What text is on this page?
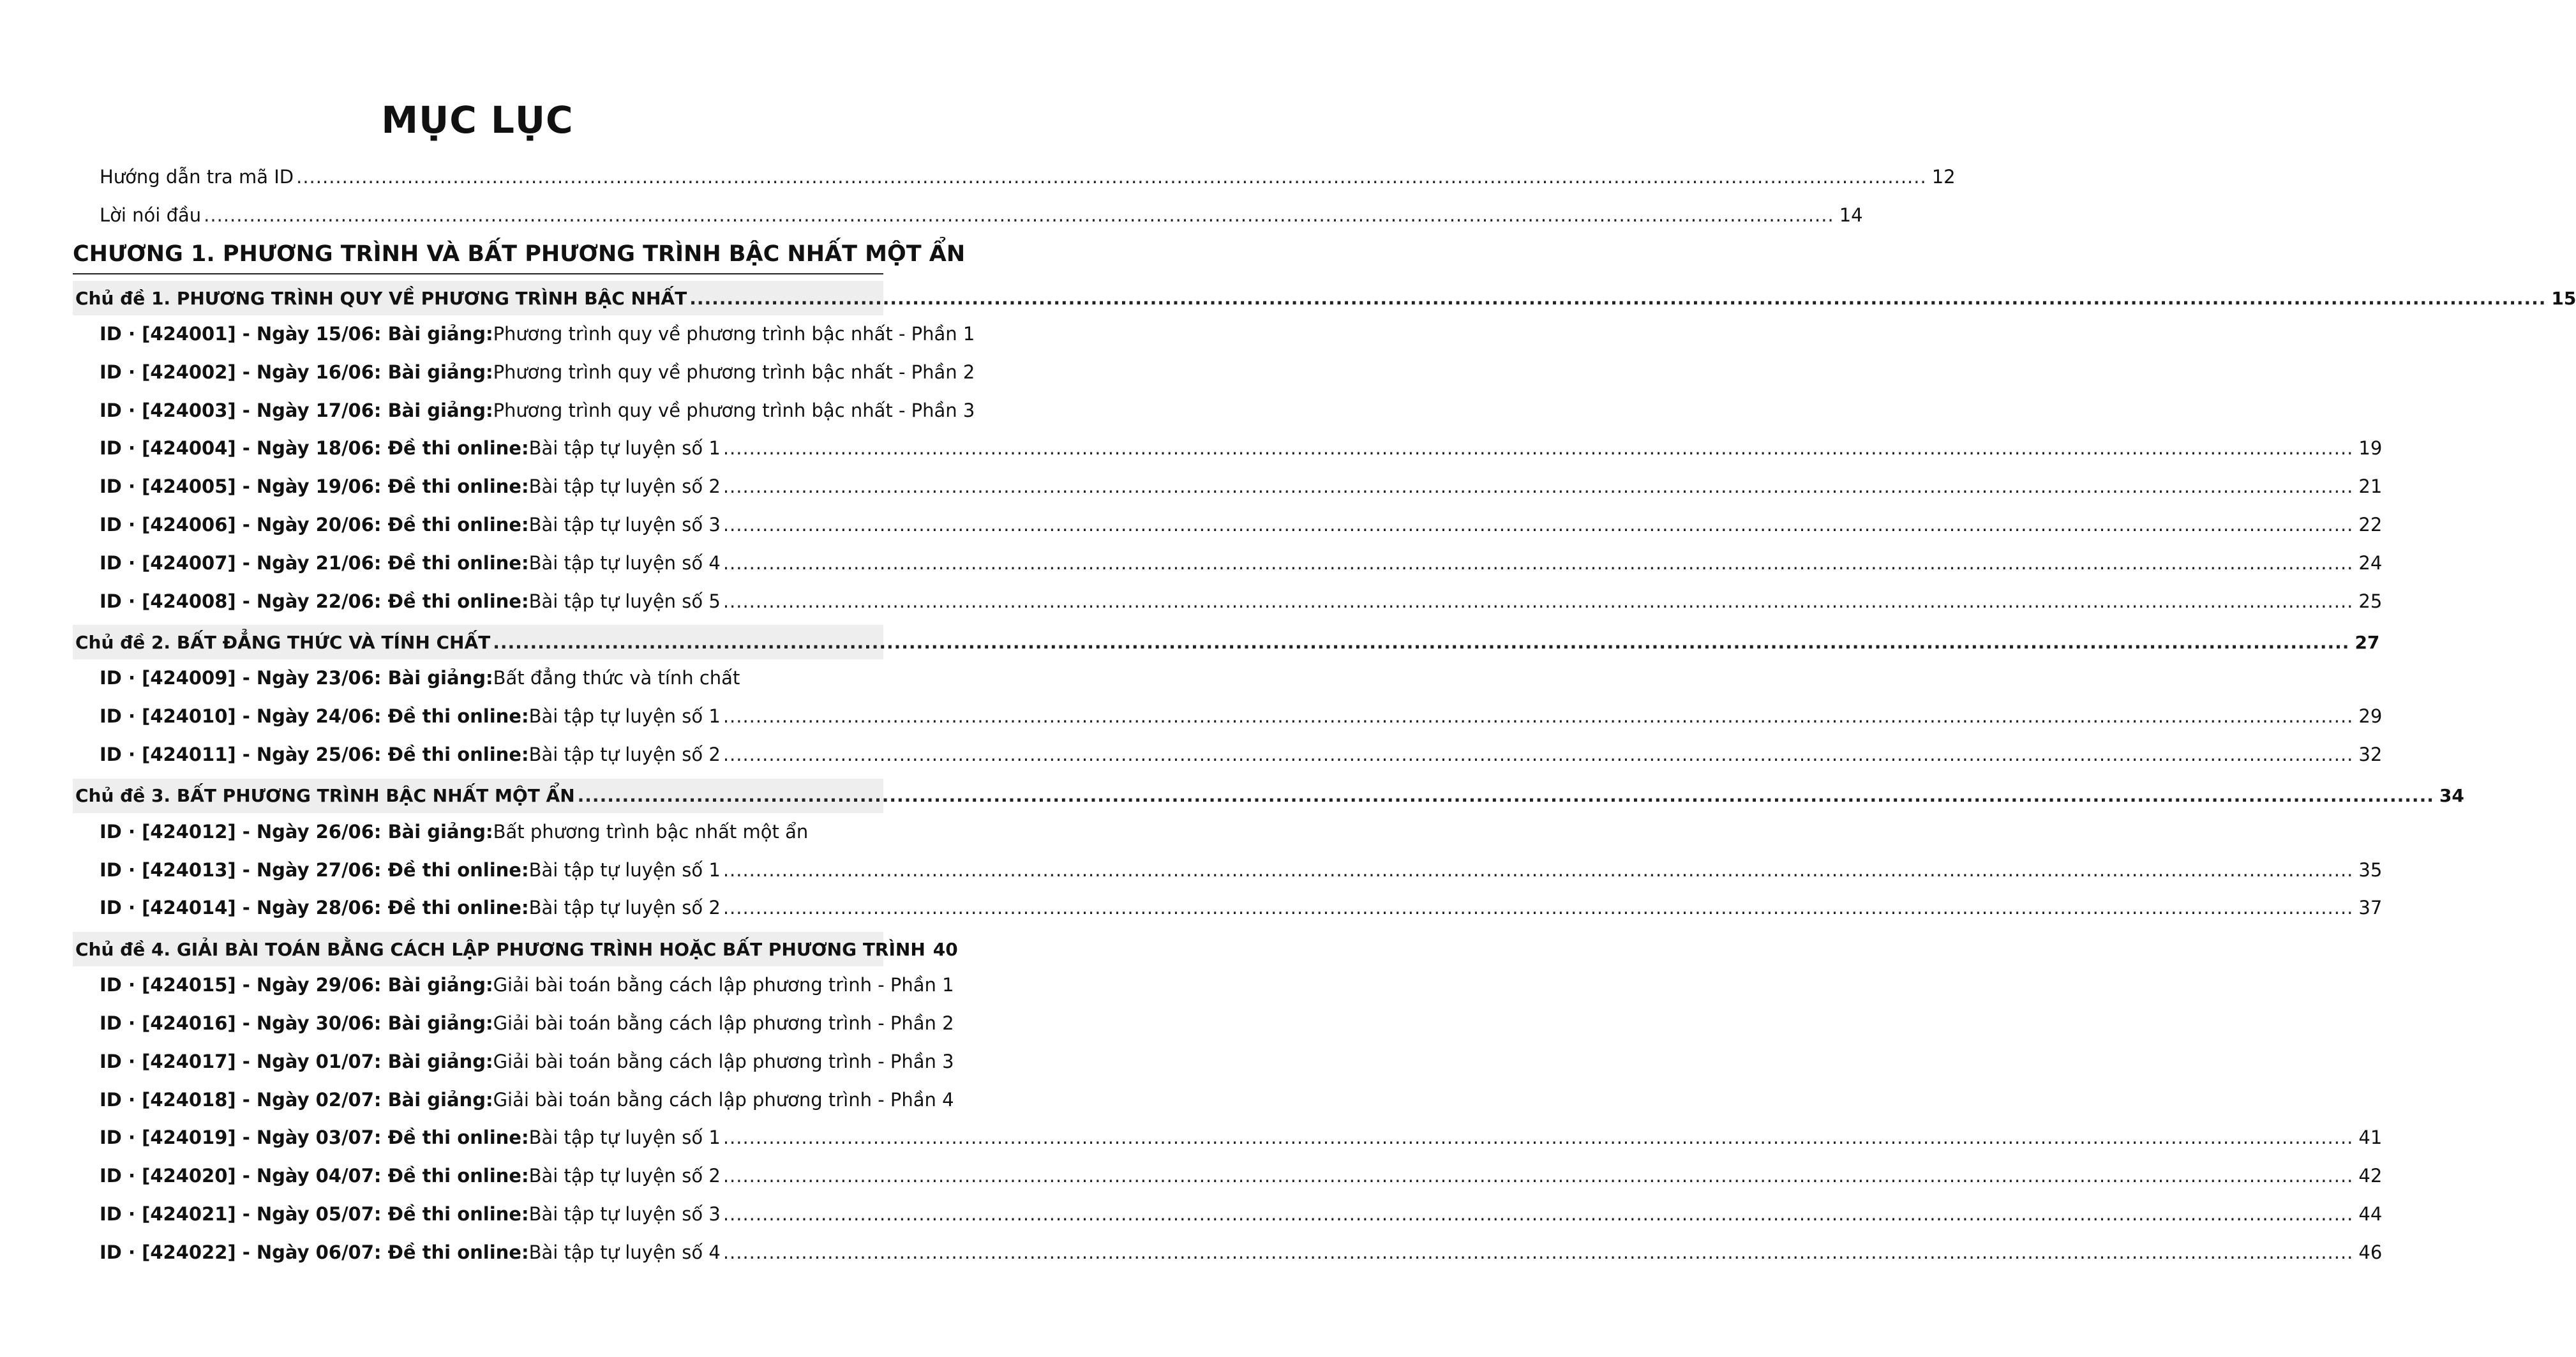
MỤC LỤC
Hướng dẫn tra mã ID .....	12
Lời nói đầu .....	14
CHƯƠNG 1. PHƯƠNG TRÌNH VÀ BẤT PHƯƠNG TRÌNH BẬC NHẤT MỘT ẨN
Chủ đề 1. PHƯƠNG TRÌNH QUY VỀ PHƯƠNG TRÌNH BẬC NHẤT .....	15
ID · [424001] - Ngày 15/06: Bài giảng: Phương trình quy về phương trình bậc nhất - Phần 1
ID · [424002] - Ngày 16/06: Bài giảng: Phương trình quy về phương trình bậc nhất - Phần 2
ID · [424003] - Ngày 17/06: Bài giảng: Phương trình quy về phương trình bậc nhất - Phần 3
ID · [424004] - Ngày 18/06: Đề thi online: Bài tập tự luyện số 1 .....	19
ID · [424005] - Ngày 19/06: Đề thi online: Bài tập tự luyện số 2 .....	21
ID · [424006] - Ngày 20/06: Đề thi online: Bài tập tự luyện số 3 .....	22
ID · [424007] - Ngày 21/06: Đề thi online: Bài tập tự luyện số 4 .....	24
ID · [424008] - Ngày 22/06: Đề thi online: Bài tập tự luyện số 5 .....	25
Chủ đề 2. BẤT ĐẲNG THỨC VÀ TÍNH CHẤT .....	27
ID · [424009] - Ngày 23/06: Bài giảng: Bất đẳng thức và tính chất
ID · [424010] - Ngày 24/06: Đề thi online: Bài tập tự luyện số 1 .....	29
ID · [424011] - Ngày 25/06: Đề thi online: Bài tập tự luyện số 2 .....	32
Chủ đề 3. BẤT PHƯƠNG TRÌNH BẬC NHẤT MỘT ẨN .....	34
ID · [424012] - Ngày 26/06: Bài giảng: Bất phương trình bậc nhất một ẩn
ID · [424013] - Ngày 27/06: Đề thi online: Bài tập tự luyện số 1 .....	35
ID · [424014] - Ngày 28/06: Đề thi online: Bài tập tự luyện số 2 .....	37
Chủ đề 4. GIẢI BÀI TOÁN BẰNG CÁCH LẬP PHƯƠNG TRÌNH HOẶC BẤT PHƯƠNG TRÌNH 40
ID · [424015] - Ngày 29/06: Bài giảng: Giải bài toán bằng cách lập phương trình - Phần 1
ID · [424016] - Ngày 30/06: Bài giảng: Giải bài toán bằng cách lập phương trình - Phần 2
ID · [424017] - Ngày 01/07: Bài giảng: Giải bài toán bằng cách lập phương trình - Phần 3
ID · [424018] - Ngày 02/07: Bài giảng: Giải bài toán bằng cách lập phương trình - Phần 4
ID · [424019] - Ngày 03/07: Đề thi online: Bài tập tự luyện số 1 .....	41
ID · [424020] - Ngày 04/07: Đề thi online: Bài tập tự luyện số 2 .....	42
ID · [424021] - Ngày 05/07: Đề thi online: Bài tập tự luyện số 3 .....	44
ID · [424022] - Ngày 06/07: Đề thi online: Bài tập tự luyện số 4 .....	46
